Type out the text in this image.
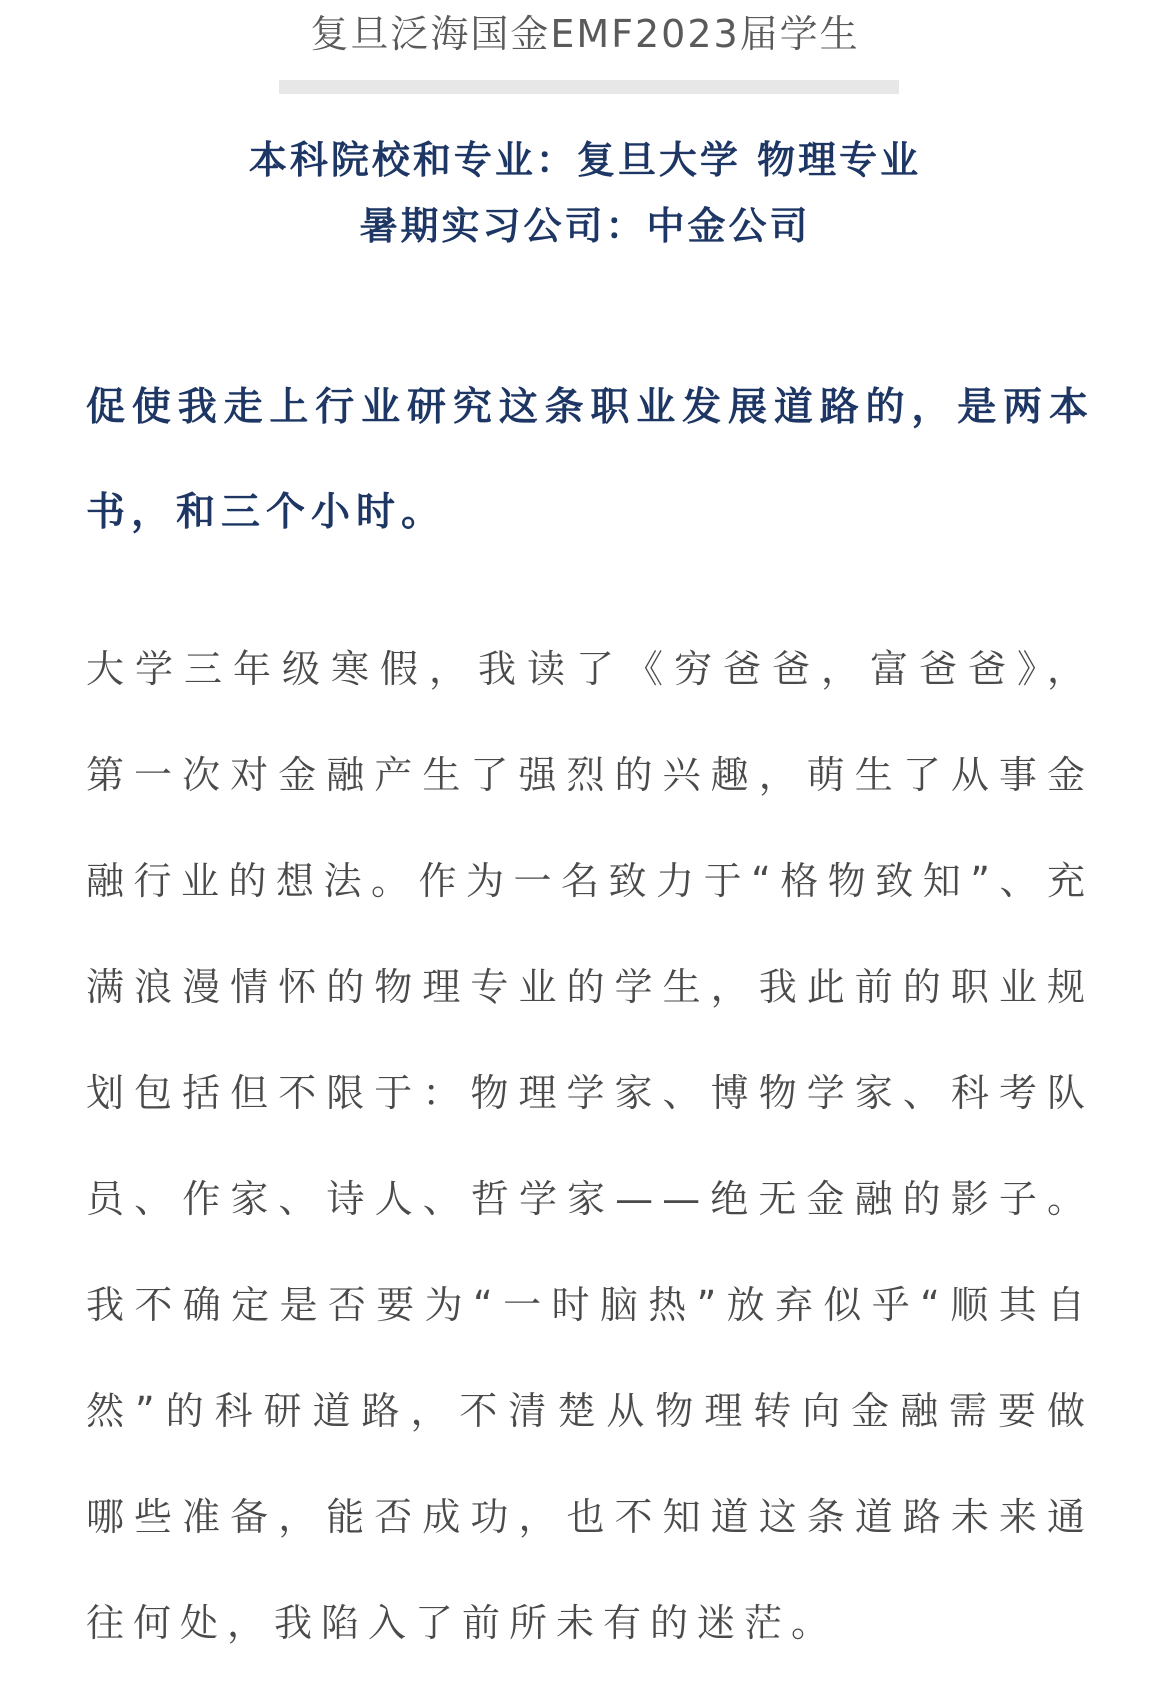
复旦泛海国金EMF2023届学生
本科院校和专业：复旦大学 物理专业
暑期实习公司：中金公司
促使我走上行业研究这条职业发展道路的，是两本书，和三个小时。
大学三年级寒假，我读了《穷爸爸，富爸爸》，第一次对金融产生了强烈的兴趣，萌生了从事金融行业的想法。作为一名致力于“格物致知”、充满浪漫情怀的物理专业的学生，我此前的职业规划包括但不限于：物理学家、博物学家、科考队员、作家、诗人、哲学家——绝无金融的影子。我不确定是否要为“一时脑热”放弃似乎“顺其自然”的科研道路，不清楚从物理转向金融需要做哪些准备，能否成功，也不知道这条道路未来通往何处，我陷入了前所未有的迷茫。
